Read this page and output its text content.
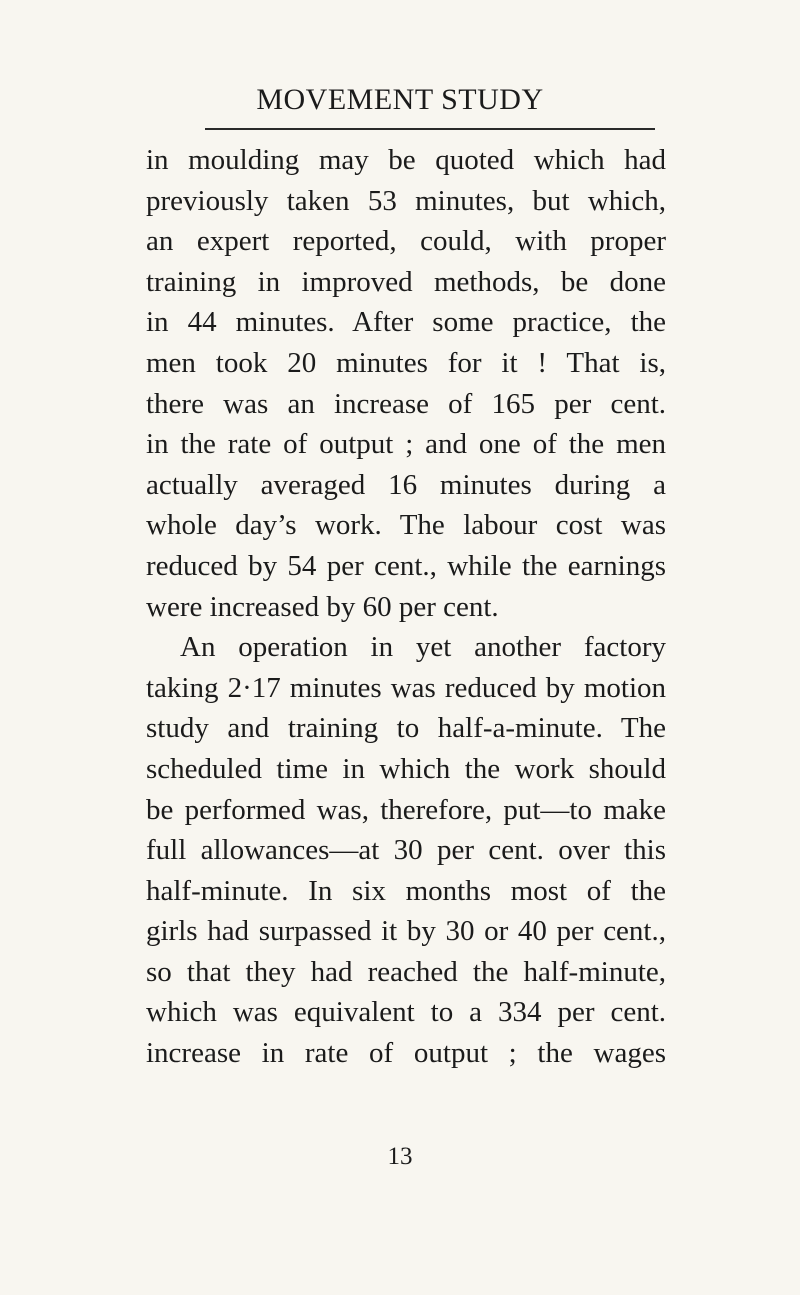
MOVEMENT STUDY
in moulding may be quoted which had
previously taken 53 minutes, but which,
an expert reported, could, with proper
training in improved methods, be done
in 44 minutes. After some practice, the
men took 20 minutes for it ! That is,
there was an increase of 165 per cent.
in the rate of output ; and one of the men
actually averaged 16 minutes during a
whole day’s work. The labour cost was
reduced by 54 per cent., while the earnings
were increased by 60 per cent.
An operation in yet another factory
taking 2·17 minutes was reduced by motion
study and training to half-a-minute. The
scheduled time in which the work should
be performed was, therefore, put—to make
full allowances—at 30 per cent. over this
half-minute. In six months most of the
girls had surpassed it by 30 or 40 per cent.,
so that they had reached the half-minute,
which was equivalent to a 334 per cent.
increase in rate of output ; the wages
13
